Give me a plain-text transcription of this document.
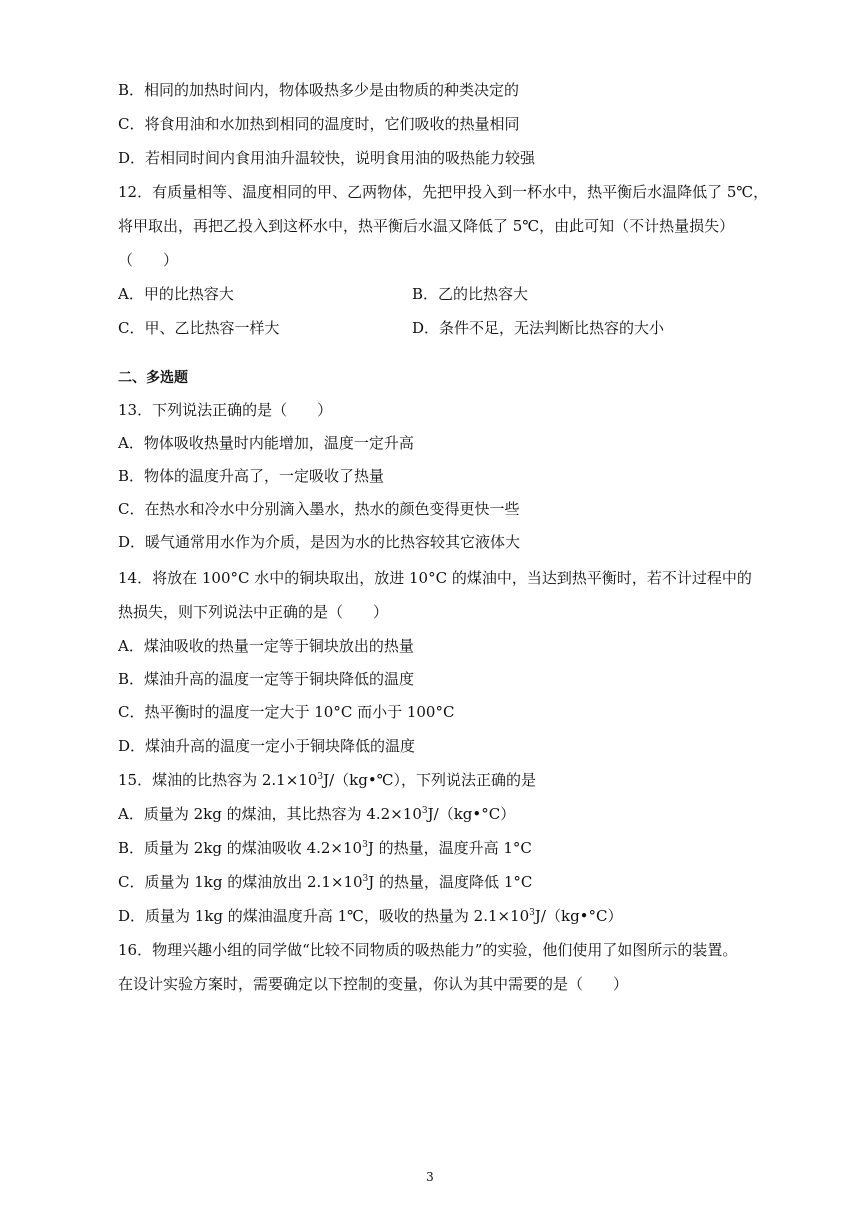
B．相同的加热时间内，物体吸热多少是由物质的种类决定的
C．将食用油和水加热到相同的温度时，它们吸收的热量相同
D．若相同时间内食用油升温较快，说明食用油的吸热能力较强
12．有质量相等、温度相同的甲、乙两物体，先把甲投入到一杯水中，热平衡后水温降低了 5℃，
将甲取出，再把乙投入到这杯水中，热平衡后水温又降低了 5℃，由此可知（不计热量损失）
（　　）
A．甲的比热容大	B．乙的比热容大
C．甲、乙比热容一样大	D．条件不足，无法判断比热容的大小
二、多选题
13．下列说法正确的是（　　）
A．物体吸收热量时内能增加，温度一定升高
B．物体的温度升高了，一定吸收了热量
C．在热水和冷水中分别滴入墨水，热水的颜色变得更快一些
D．暖气通常用水作为介质，是因为水的比热容较其它液体大
14．将放在 100°C 水中的铜块取出，放进 10°C 的煤油中，当达到热平衡时，若不计过程中的
热损失，则下列说法中正确的是（　　）
A．煤油吸收的热量一定等于铜块放出的热量
B．煤油升高的温度一定等于铜块降低的温度
C．热平衡时的温度一定大于 10°C 而小于 100°C
D．煤油升高的温度一定小于铜块降低的温度
15．煤油的比热容为 $2.1\times 10^3J/(kg•℃)$，下列说法正确的是
A．质量为 2kg 的煤油，其比热容为 $4.2\times 10^3J/(kg•^\circ C)$
B．质量为 2kg 的煤油吸收 $4.2\times 10^3J$ 的热量，温度升高 1°C
C．质量为 1kg 的煤油放出 $2.1\times 10^3J$ 的热量，温度降低 1°C
D．质量为 1kg 的煤油温度升高 1℃，吸收的热量为 $2.1\times 10^3J/(kg•^\circ C)$
16．物理兴趣小组的同学做“比较不同物质的吸热能力”的实验，他们使用了如图所示的装置。
在设计实验方案时，需要确定以下控制的变量，你认为其中需要的是（　　）
3
